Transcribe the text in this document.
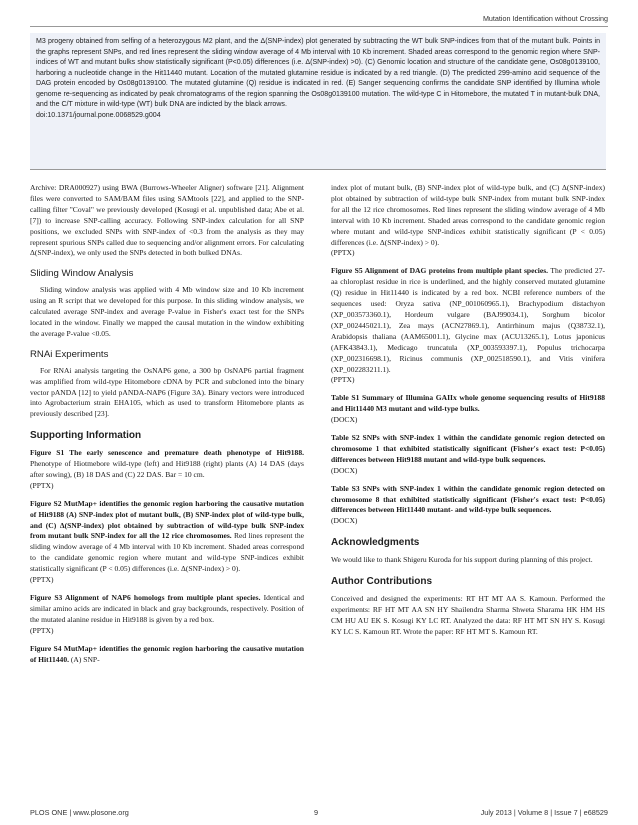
Mutation Identification without Crossing

M3 progeny obtained from selfing of a heterozygous M2 plant, and the Δ(SNP-index) plot generated by subtracting the WT bulk SNP-indices from that of the mutant bulk. Points in the graphs represent SNPs, and red lines represent the sliding window average of 4 Mb interval with 10 Kb increment. Shaded areas correspond to the genomic region where SNP-indices of WT and mutant bulks show statistically significant (P<0.05) differences (i.e. Δ(SNP-index) >0). (C) Genomic location and structure of the candidate gene, Os08g0139100, harboring a nucleotide change in the Hit11440 mutant. Location of the mutated glutamine residue is indicated by a red triangle. (D) The predicted 299-amino acid sequence of the DAG protein encoded by Os08g0139100. The mutated glutamine (Q) residue is indicated in red. (E) Sanger sequencing confirms the candidate SNP identified by Illumina whole genome re-sequencing as indicated by peak chromatograms of the region spanning the Os08g0139100 mutation. The wild-type C in Hitomebore, the mutated T in mutant-bulk DNA, and the C/T mixture in wild-type (WT) bulk DNA are indicted by the black arrows.
doi:10.1371/journal.pone.0068529.g004

Archive: DRA000927) using BWA (Burrows-Wheeler Aligner) software [21]. Alignment files were converted to SAM/BAM files using SAMtools [22], and applied to the SNP-calling filter "Coval" we previously developed (Kosugi et al. unpublished data; Abe et al. [7]) to increase SNP-calling accuracy. Following SNP-index calculation for all SNP positions, we excluded SNPs with SNP-index of <0.3 from the analysis as they may represent spurious SNPs called due to sequencing and/or alignment errors. For calculating Δ(SNP-index), we only used the SNPs detected in both bulked DNAs.

Sliding Window Analysis

Sliding window analysis was applied with 4 Mb window size and 10 Kb increment using an R script that we developed for this purpose. In this sliding window analysis, we calculated average SNP-index and average P-value in Fisher's exact test for the SNPs located in the window. Finally we mapped the causal mutation in the window exhibiting the average P-value <0.05.

RNAi Experiments

For RNAi analysis targeting the OsNAP6 gene, a 300 bp OsNAP6 partial fragment was amplified from wild-type Hitomebore cDNA by PCR and subcloned into the binary vector pANDA [12] to yield pANDA-NAP6 (Figure 3A). Binary vectors were introduced into Agrobacterium strain EHA105, which as used to transform Hitomebore plants as previously described [23].

Supporting Information

Figure S1 The early senescence and premature death phenotype of Hit9188. Phenotype of Hiotmebore wild-type (left) and Hit9188 (right) plants (A) 14 DAS (days after sowing), (B) 18 DAS and (C) 22 DAS. Bar = 10 cm.
(PPTX)

Figure S2 MutMap+ identifies the genomic region harboring the causative mutation of Hit9188 (A) SNP-index plot of mutant bulk, (B) SNP-index plot of wild-type bulk, and (C) Δ(SNP-index) plot obtained by subtraction of wild-type bulk SNP-index from mutant bulk SNP-index for all the 12 rice chromosomes. Red lines represent the sliding window average of 4 Mb interval with 10 Kb increment. Shaded areas correspond to the candidate genomic region where mutant and wild-type SNP-indices exhibit statistically significant (P < 0.05) differences (i.e. Δ(SNP-index) > 0).
(PPTX)

Figure S3 Alignment of NAP6 homologs from multiple plant species. Identical and similar amino acids are indicated in black and gray backgrounds, respectively. Position of the mutated alanine residue in Hit9188 is given by a red box.
(PPTX)

Figure S4 MutMap+ identifies the genomic region harboring the causative mutation of Hit11440. (A) SNP-

index plot of mutant bulk, (B) SNP-index plot of wild-type bulk, and (C) Δ(SNP-index) plot obtained by subtraction of wild-type bulk SNP-index from mutant bulk SNP-index for all the 12 rice chromosomes. Red lines represent the sliding window average of 4 Mb interval with 10 Kb increment. Shaded areas correspond to the candidate genomic region where mutant and wild-type SNP-indices exhibit statistically significant (P < 0.05) differences (i.e. Δ(SNP-index) > 0).
(PPTX)

Figure S5 Alignment of DAG proteins from multiple plant species. The predicted 27-aa chloroplast residue in rice is underlined, and the highly conserved mutated glutamine (Q) residue in Hit11440 is indicated by a red box. NCBI reference numbers of the sequences used: Oryza sativa (NP_001060965.1), Brachypodium distachyon (XP_003573360.1), Hordeum vulgare (BAJ99034.1), Sorghum bicolor (XP_002445021.1), Zea mays (ACN27869.1), Antirrhinum majus (Q38732.1), Arabidopsis thaliana (AAM65001.1), Glycine max (ACU13265.1), Lotus japonicus (AFK43843.1), Medicago truncatula (XP_003593397.1), Populus trichocarpa (XP_002316698.1), Ricinus communis (XP_002518590.1), and Vitis vinifera (XP_002283211.1).
(PPTX)

Table S1 Summary of Illumina GAIIx whole genome sequencing results of Hit9188 and Hit11440 M3 mutant and wild-type bulks.
(DOCX)

Table S2 SNPs with SNP-index 1 within the candidate genomic region detected on chromosome 1 that exhibited statistically significant (Fisher's exact test: P<0.05) differences between Hit9188 mutant and wild-type bulk sequences.
(DOCX)

Table S3 SNPs with SNP-index 1 within the candidate genomic region detected on chromosome 8 that exhibited statistically significant (Fisher's exact test: P<0.05) differences between Hit11440 mutant- and wild-type bulk sequences.
(DOCX)

Acknowledgments

We would like to thank Shigeru Kuroda for his support during planning of this project.

Author Contributions

Conceived and designed the experiments: RT HT MT AA S. Kamoun. Performed the experiments: RF HT MT AA SN HY Shailendra Sharma Shweta Sharama HK HM HS CM HU AU EK S. Kosugi KY LC RT. Analyzed the data: RF HT MT SN HY S. Kosugi KY LC S. Kamoun RT. Wrote the paper: RF HT MT S. Kamoun RT.

PLOS ONE | www.plosone.org	9	July 2013 | Volume 8 | Issue 7 | e68529
